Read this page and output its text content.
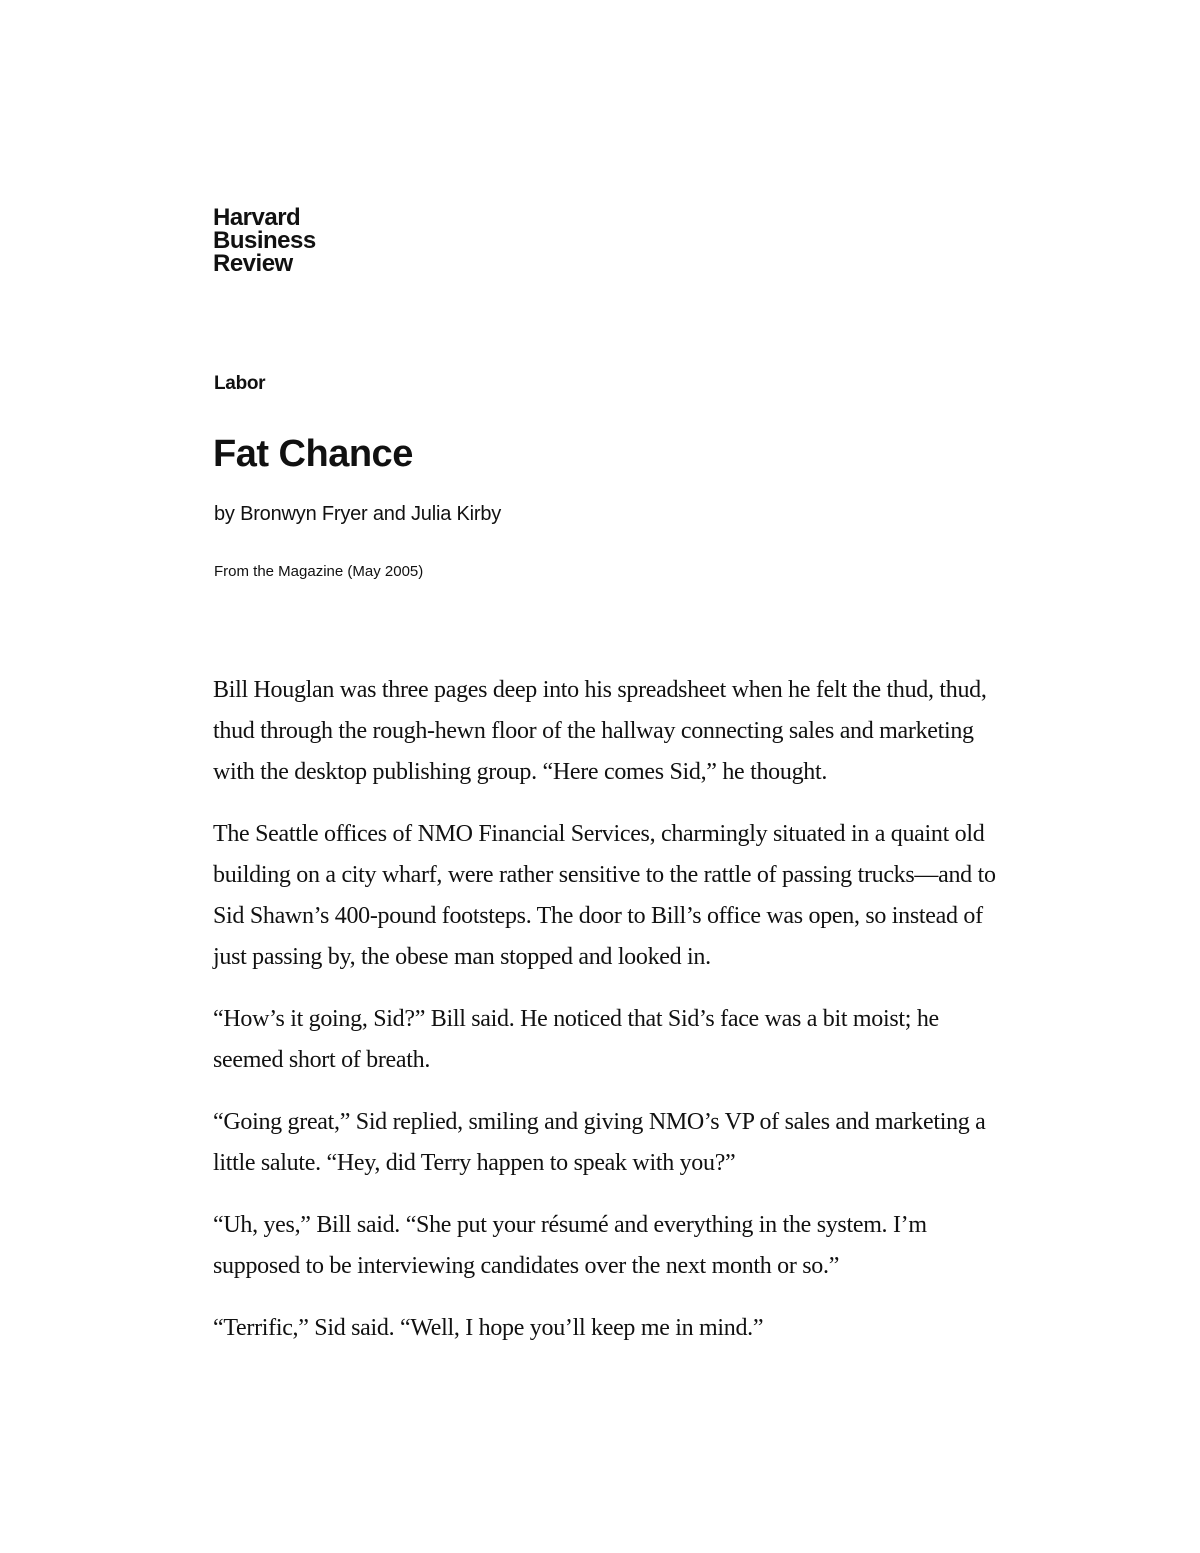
Harvard
Business
Review
Labor
Fat Chance
by Bronwyn Fryer and Julia Kirby
From the Magazine (May 2005)

Bill Houglan was three pages deep into his spreadsheet when he felt the thud, thud, thud through the rough-hewn floor of the hallway connecting sales and marketing with the desktop publishing group. “Here comes Sid,” he thought.

The Seattle offices of NMO Financial Services, charmingly situated in a quaint old building on a city wharf, were rather sensitive to the rattle of passing trucks—and to Sid Shawn’s 400-pound footsteps. The door to Bill’s office was open, so instead of just passing by, the obese man stopped and looked in.

“How’s it going, Sid?” Bill said. He noticed that Sid’s face was a bit moist; he seemed short of breath.

“Going great,” Sid replied, smiling and giving NMO’s VP of sales and marketing a little salute. “Hey, did Terry happen to speak with you?”

“Uh, yes,” Bill said. “She put your résumé and everything in the system. I’m supposed to be interviewing candidates over the next month or so.”

“Terrific,” Sid said. “Well, I hope you’ll keep me in mind.”
